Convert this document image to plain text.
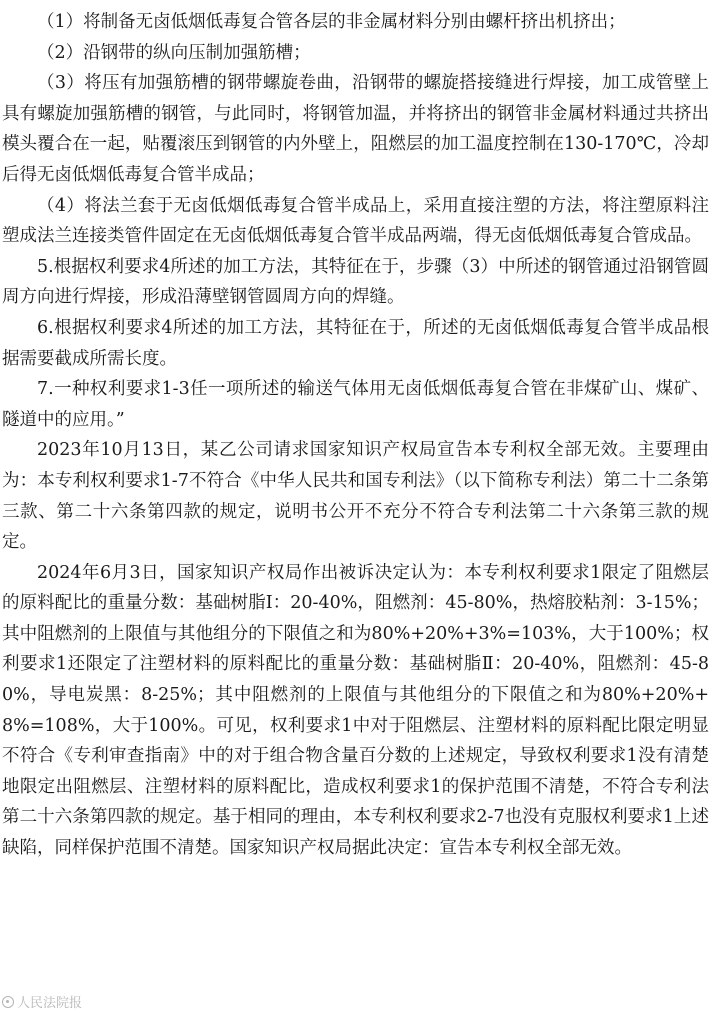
（1）将制备无卤低烟低毒复合管各层的非金属材料分别由螺杆挤出机挤出；

（2）沿钢带的纵向压制加强筋槽；

（3）将压有加强筋槽的钢带螺旋卷曲，沿钢带的螺旋搭接缝进行焊接，加工成管壁上具有螺旋加强筋槽的钢管，与此同时，将钢管加温，并将挤出的钢管非金属材料通过共挤出模头覆合在一起，贴覆滚压到钢管的内外壁上，阻燃层的加工温度控制在130-170℃，冷却后得无卤低烟低毒复合管半成品；

（4）将法兰套于无卤低烟低毒复合管半成品上，采用直接注塑的方法，将注塑原料注塑成法兰连接类管件固定在无卤低烟低毒复合管半成品两端，得无卤低烟低毒复合管成品。

5.根据权利要求4所述的加工方法，其特征在于，步骤（3）中所述的钢管通过沿钢管圆周方向进行焊接，形成沿薄壁钢管圆周方向的焊缝。

6.根据权利要求4所述的加工方法，其特征在于，所述的无卤低烟低毒复合管半成品根据需要截成所需长度。

7.一种权利要求1-3任一项所述的输送气体用无卤低烟低毒复合管在非煤矿山、煤矿、隧道中的应用。”

2023年10月13日，某乙公司请求国家知识产权局宣告本专利权全部无效。主要理由为：本专利权利要求1-7不符合《中华人民共和国专利法》（以下简称专利法）第二十二条第三款、第二十六条第四款的规定，说明书公开不充分不符合专利法第二十六条第三款的规定。

2024年6月3日，国家知识产权局作出被诉决定认为：本专利权利要求1限定了阻燃层的原料配比的重量分数：基础树脂Ⅰ：20-40%，阻燃剂：45-80%，热熔胶粘剂：3-15%；其中阻燃剂的上限值与其他组分的下限值之和为80%+20%+3%=103%，大于100%；权利要求1还限定了注塑材料的原料配比的重量分数：基础树脂Ⅱ：20-40%，阻燃剂：45-80%，导电炭黑：8-25%；其中阻燃剂的上限值与其他组分的下限值之和为80%+20%+8%=108%，大于100%。可见，权利要求1中对于阻燃层、注塑材料的原料配比限定明显不符合《专利审查指南》中的对于组合物含量百分数的上述规定，导致权利要求1没有清楚地限定出阻燃层、注塑材料的原料配比，造成权利要求1的保护范围不清楚，不符合专利法第二十六条第四款的规定。基于相同的理由，本专利权利要求2-7也没有克服权利要求1上述缺陷，同样保护范围不清楚。国家知识产权局据此决定：宣告本专利权全部无效。

人民法院报
